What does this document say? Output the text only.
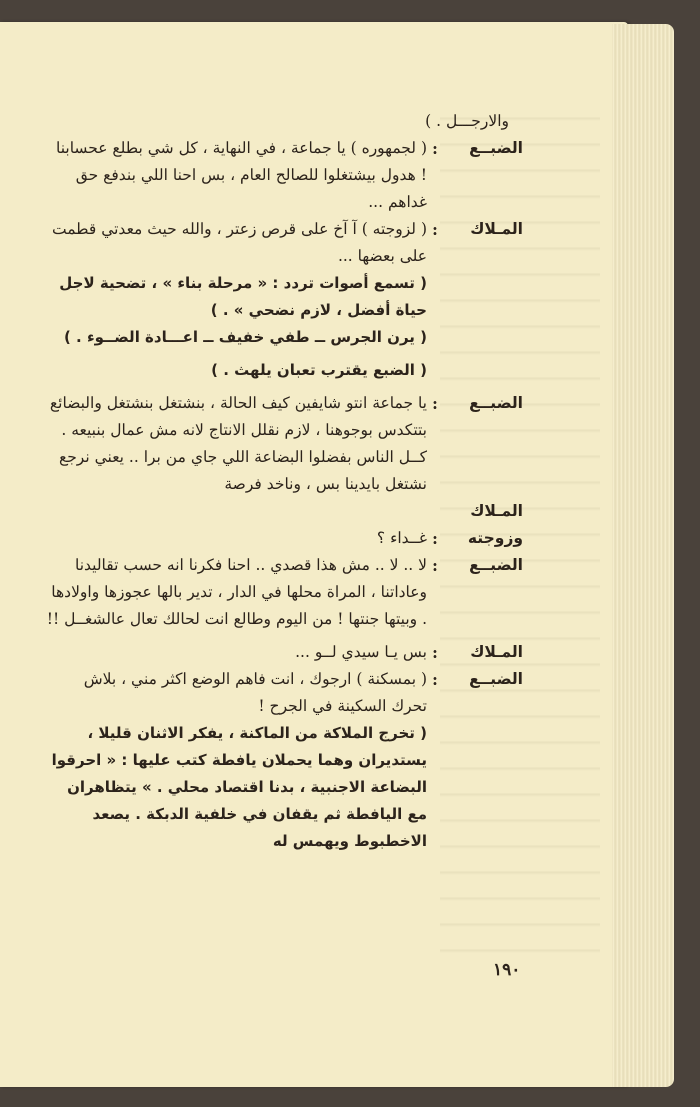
والارجـــل . )
الضبــع
:
( لجمهوره ) يا جماعة ، في النهاية ، كل شي بطلع عحسابنا ! هدول بيشتغلوا للصالح العام ، بس احنا اللي بندفع حق غداهم ...
المـلاك
:
( لزوجته ) آ آخ على قرص زعتر ، والله حيث معدتي قطمت على بعضها ...
( تسمع أصوات تردد : « مرحلة بناء » ، تضحية لاجل حياة أفضل ، لازم نضحي » . )
( يرن الجرس ــ طفي خفيف ــ اعـــادة الضــوء . )
( الضبع يقترب تعبان يلهث . )
الضبــع
:
يا جماعة انتو شايفين كيف الحالة ، بنشتغل بنشتغل والبضائع بتتكدس بوجوهنا ، لازم نقلل الانتاج لانه مش عمال بنبيعه . كــل الناس بفضلوا البضاعة اللي جاي من برا .. يعني نرجع نشتغل بايدينا بس ، وناخد فرصة
المـلاك
وزوجته
:
غــداء ؟
الضبــع
:
لا .. لا .. مش هذا قصدي .. احنا فكرنا انه حسب تقاليدنا وعاداتنا ، المراة محلها في الدار ، تدير بالها عجوزها واولادها . وبيتها جنتها ! من اليوم وطالع انت لحالك تعال عالشغــل !!
المـلاك
:
بس يـا سيدي لــو ...
الضبــع
:
( بمسكنة ) ارجوك ، انت فاهم الوضع اكثر مني ، بلاش تحرك السكينة في الجرح !
( تخرج الملاكة من الماكنة ، يفكر الاثنان قليلا ، يستديران وهما يحملان يافطة كتب عليها : « احرقوا البضاعة الاجنبية ، بدنا اقتصاد محلي . » يتظاهران مع اليافطة ثم يقفان في خلفية الدبكة . يصعد الاخطبوط ويهمس له
١٩٠
